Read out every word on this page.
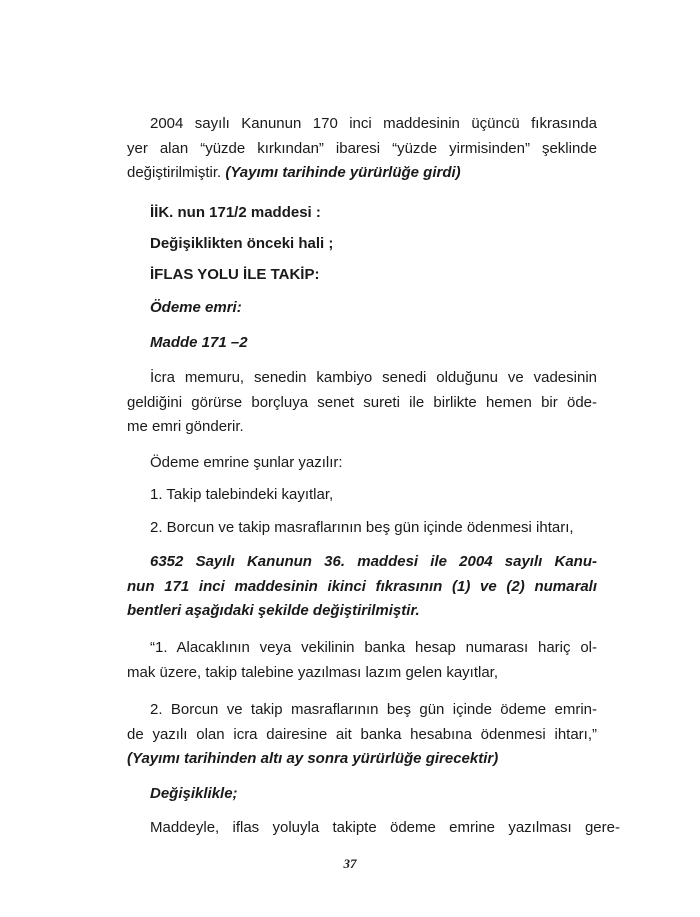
2004 sayılı Kanunun 170 inci maddesinin üçüncü fıkrasında
yer alan “yüzde kırkından” ibaresi “yüzde yirmisinden” şeklinde
değiştirilmiştir. (Yayımı tarihinde yürürlüğe girdi)
İİK. nun 171/2 maddesi :
Değişiklikten önceki hali ;
İFLAS YOLU İLE TAKİP:
Ödeme emri:
Madde 171 –2
İcra memuru, senedin kambiyo senedi olduğunu ve vadesinin
geldiğini görürse borçluya senet sureti ile birlikte hemen bir öde-
me emri gönderir.
Ödeme emrine şunlar yazılır:
1. Takip talebindeki kayıtlar,
2. Borcun ve takip masraflarının beş gün içinde ödenmesi ihtarı,
6352 Sayılı Kanunun 36. maddesi ile 2004 sayılı Kanu-
nun 171 inci maddesinin ikinci fıkrasının (1) ve (2) numaralı
bentleri aşağıdaki şekilde değiştirilmiştir.
“1. Alacaklının veya vekilinin banka hesap numarası hariç ol-
mak üzere, takip talebine yazılması lazım gelen kayıtlar,
2. Borcun ve takip masraflarının beş gün içinde ödeme emrin-
de yazılı olan icra dairesine ait banka hesabına ödenmesi ihtarı,”
(Yayımı tarihinden altı ay sonra yürürlüğe girecektir)
Değişiklikle;
Maddeyle, iflas yoluyla takipte ödeme emrine yazılması gere-
37
